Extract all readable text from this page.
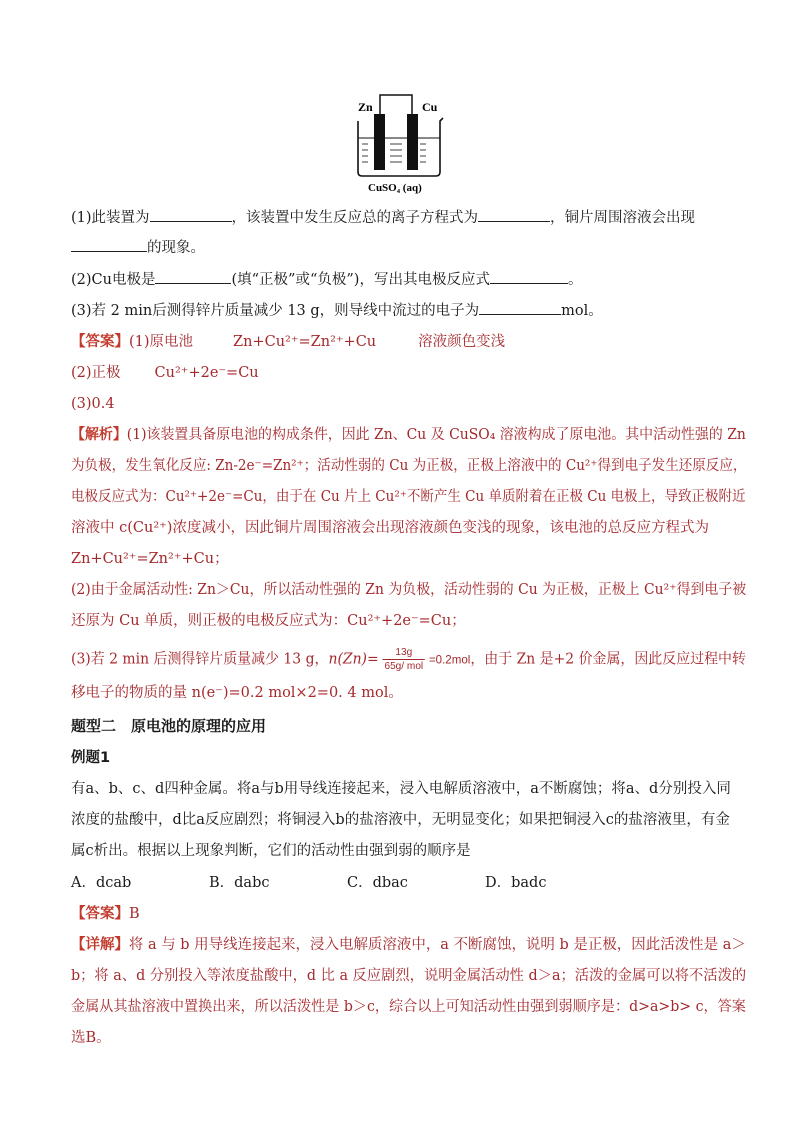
Zn	Cu
CuSO₄ (aq)
(1)此装置为	，该装置中发生反应总的离子方程式为	，铜片周围溶液会出现
的现象。
(2)Cu电极是	(填“正极”或“负极”)，写出其电极反应式	。
(3)若 2 min后测得锌片质量减少 13 g，则导线中流过的电子为	mol。
【答案】(1)原电池	Zn+Cu²⁺=Zn²⁺+Cu	溶液颜色变浅
(2)正极 Cu²⁺+2e⁻=Cu
(3)0.4
【解析】(1)该装置具备原电池的构成条件，因此 Zn、Cu 及 CuSO₄ 溶液构成了原电池。其中活动性强的 Zn
为负极，发生氧化反应: Zn-2e⁻=Zn²⁺；活动性弱的 Cu 为正极，正极上溶液中的 Cu²⁺得到电子发生还原反应，
电极反应式为：Cu²⁺+2e⁻=Cu，由于在 Cu 片上 Cu²⁺不断产生 Cu 单质附着在正极 Cu 电极上，导致正极附近
溶液中 c(Cu²⁺)浓度减小，因此铜片周围溶液会出现溶液颜色变浅的现象，该电池的总反应方程式为
Zn+Cu²⁺=Zn²⁺+Cu；
(2)由于金属活动性: Zn＞Cu，所以活动性强的 Zn 为负极，活动性弱的 Cu 为正极，正极上 Cu²⁺得到电子被
还原为 Cu 单质，则正极的电极反应式为：Cu²⁺+2e⁻=Cu；
(3)若 2 min 后测得锌片质量减少 13 g，$n(Zn)= \frac{13g}{\text{65g/ mol}} =0.2mol$，由于 Zn 是+2 价金属，因此反应过程中转
移电子的物质的量 n(e⁻)=0.2 mol×2=0. 4 mol。
题型二　原电池的原理的应用
例题1
有a、b、c、d四种金属。将a与b用导线连接起来，浸入电解质溶液中，a不断腐蚀；将a、d分别投入同
浓度的盐酸中，d比a反应剧烈；将铜浸入b的盐溶液中，无明显变化；如果把铜浸入c的盐溶液里，有金
属c析出。根据以上现象判断，它们的活动性由强到弱的顺序是
A．dcab	B．dabc	C．dbac	D．badc
【答案】B
【详解】将 a 与 b 用导线连接起来，浸入电解质溶液中，a 不断腐蚀，说明 b 是正极，因此活泼性是 a＞
b；将 a、d 分别投入等浓度盐酸中，d 比 a 反应剧烈，说明金属活动性 d＞a；活泼的金属可以将不活泼的
金属从其盐溶液中置换出来，所以活泼性是 b＞c，综合以上可知活动性由强到弱顺序是：d>a>b> c，答案
选B。
